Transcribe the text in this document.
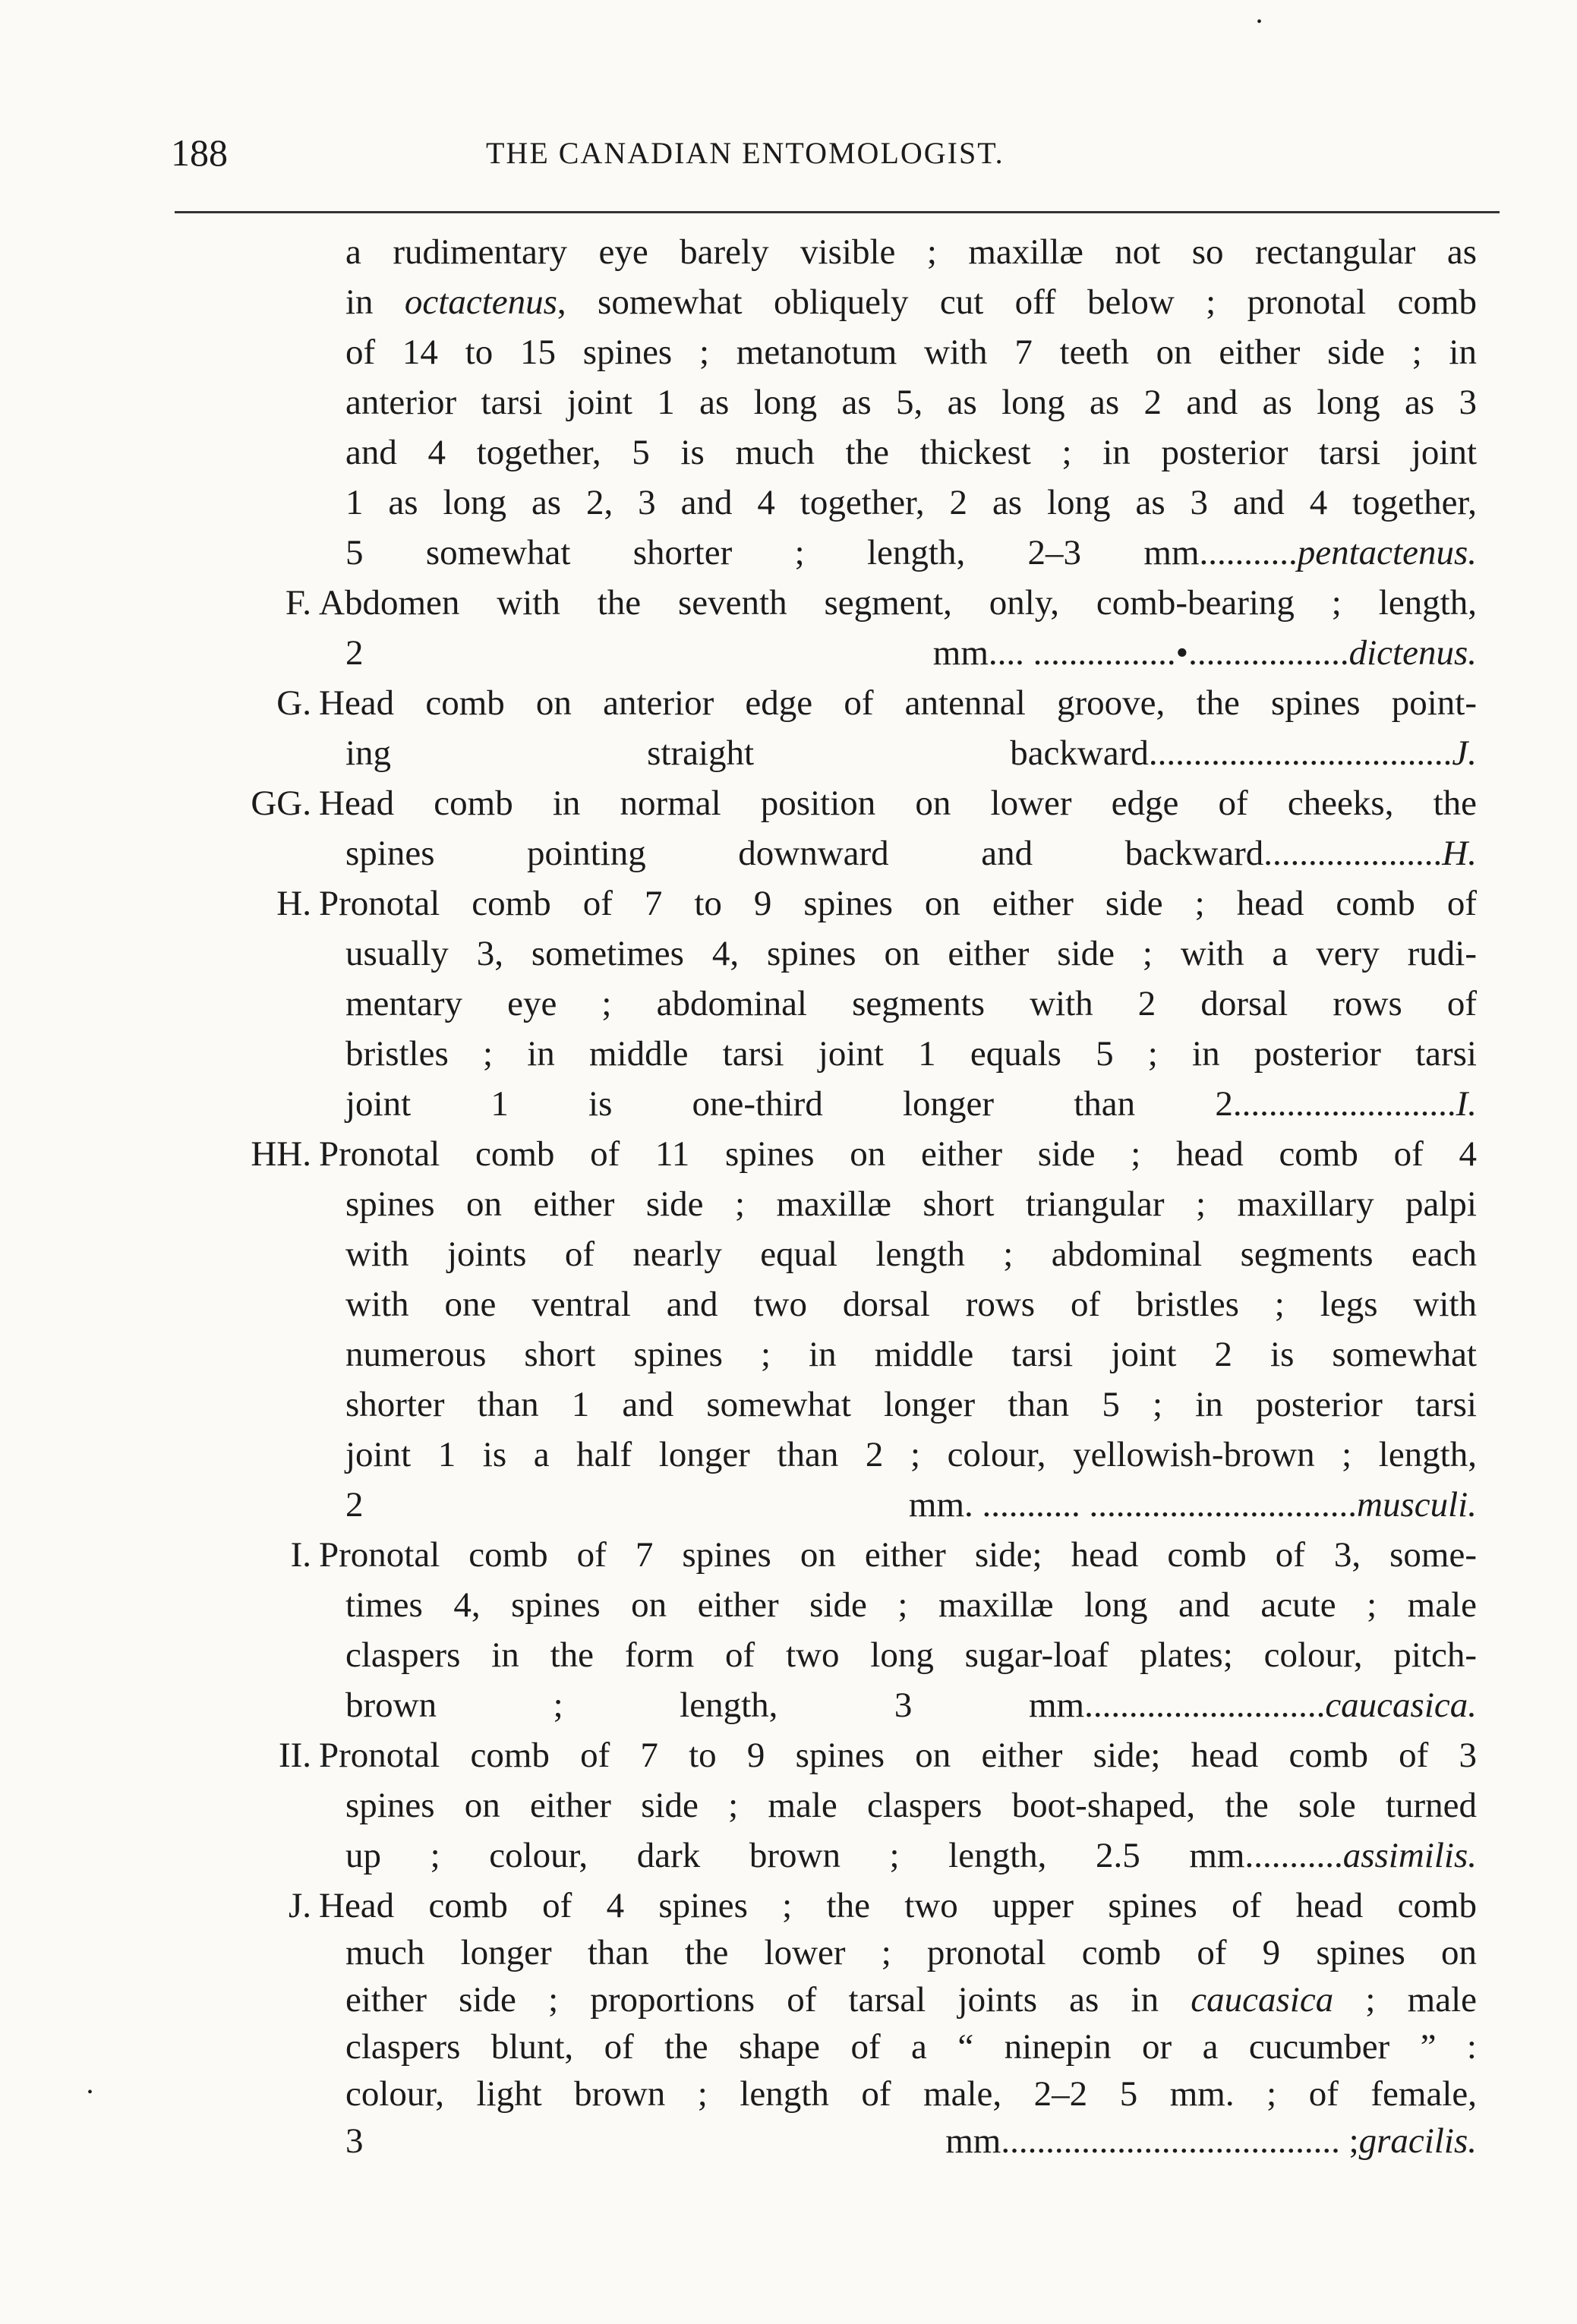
188	THE CANADIAN ENTOMOLOGIST.
•
•
a rudimentary eye barely visible ; maxillæ not so rectangular as
in octactenus, somewhat obliquely cut off below ; pronotal comb
of 14 to 15 spines ; metanotum with 7 teeth on either side ; in
anterior tarsi joint 1 as long as 5, as long as 2 and as long as 3
and 4 together, 5 is much the thickest ; in posterior tarsi joint
1 as long as 2, 3 and 4 together, 2 as long as 3 and 4 together,
5 somewhat shorter ; length, 2–3 mm...........pentactenus.
F. Abdomen with the seventh segment, only, comb-bearing ; length,
2 mm.... ................•..................dictenus.
G. Head comb on anterior edge of antennal groove, the spines point-
ing straight backward..................................J.
GG. Head comb in normal position on lower edge of cheeks, the
spines pointing downward and backward....................H.
H. Pronotal comb of 7 to 9 spines on either side ; head comb of
usually 3, sometimes 4, spines on either side ; with a very rudi-
mentary eye ; abdominal segments with 2 dorsal rows of
bristles ; in middle tarsi joint 1 equals 5 ; in posterior tarsi
joint 1 is one-third longer than 2.........................I.
HH. Pronotal comb of 11 spines on either side ; head comb of 4
spines on either side ; maxillæ short triangular ; maxillary palpi
with joints of nearly equal length ; abdominal segments each
with one ventral and two dorsal rows of bristles ; legs with
numerous short spines ; in middle tarsi joint 2 is somewhat
shorter than 1 and somewhat longer than 5 ; in posterior tarsi
joint 1 is a half longer than 2 ; colour, yellowish-brown ; length,
2 mm. ........... ..............................musculi.
I. Pronotal comb of 7 spines on either side; head comb of 3, some-
times 4, spines on either side ; maxillæ long and acute ; male
claspers in the form of two long sugar-loaf plates; colour, pitch-
brown ; length, 3 mm...........................caucasica.
II. Pronotal comb of 7 to 9 spines on either side; head comb of 3
spines on either side ; male claspers boot-shaped, the sole turned
up ; colour, dark brown ; length, 2.5 mm...........assimilis.
J. Head comb of 4 spines ; the two upper spines of head comb
much longer than the lower ; pronotal comb of 9 spines on
either side ; proportions of tarsal joints as in caucasica ; male
claspers blunt, of the shape of a “ ninepin or a cucumber ” :
colour, light brown ; length of male, 2–2 5 mm. ; of female,
3 mm...................................... ;gracilis.
